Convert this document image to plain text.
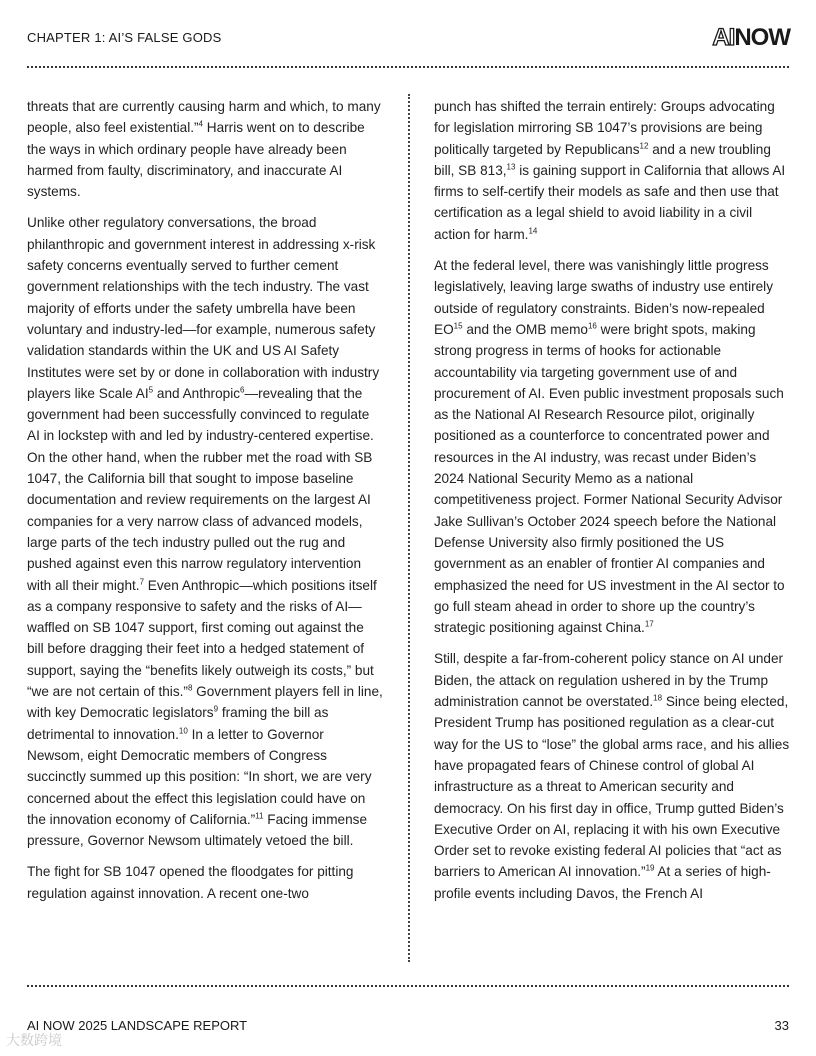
CHAPTER 1: AI’S FALSE GODS	AINOW

threats that are currently causing harm and which, to many people, also feel existential.”$^4$ Harris went on to describe the ways in which ordinary people have already been harmed from faulty, discriminatory, and inaccurate AI systems.

Unlike other regulatory conversations, the broad philanthropic and government interest in addressing x-risk safety concerns eventually served to further cement government relationships with the tech industry. The vast majority of efforts under the safety umbrella have been voluntary and industry-led—for example, numerous safety validation standards within the UK and US AI Safety Institutes were set by or done in collaboration with industry players like Scale $AI^5$ and Anthropic$^6$—revealing that the government had been successfully convinced to regulate AI in lockstep with and led by industry-centered expertise. On the other hand, when the rubber met the road with SB 1047, the California bill that sought to impose baseline documentation and review requirements on the largest AI companies for a very narrow class of advanced models, large parts of the tech industry pulled out the rug and pushed against even this narrow regulatory intervention with all their might.$^7$ Even Anthropic—which positions itself as a company responsive to safety and the risks of AI—waffled on SB 1047 support, first coming out against the bill before dragging their feet into a hedged statement of support, saying the “benefits likely outweigh its costs,” but “we are not certain of this.”$^8$ Government players fell in line, with key Democratic legislators$^9$ framing the bill as detrimental to innovation.$^{10}$ In a letter to Governor Newsom, eight Democratic members of Congress succinctly summed up this position: “In short, we are very concerned about the effect this legislation could have on the innovation economy of California.”$^{11}$ Facing immense pressure, Governor Newsom ultimately vetoed the bill.

The fight for SB 1047 opened the floodgates for pitting regulation against innovation. A recent one-two

punch has shifted the terrain entirely: Groups advocating for legislation mirroring SB 1047’s provisions are being politically targeted by Republicans$^{12}$ and a new troubling bill, SB 813,13 is gaining support in California that allows AI firms to self-certify their models as safe and then use that certification as a legal shield to avoid liability in a civil action for harm.$^{14}$

At the federal level, there was vanishingly little progress legislatively, leaving large swaths of industry use entirely outside of regulatory constraints. Biden’s now-repealed EO$^{15}$ and the OMB memo$^{16}$ were bright spots, making strong progress in terms of hooks for actionable accountability via targeting government use of and procurement of AI. Even public investment proposals such as the National AI Research Resource pilot, originally positioned as a counterforce to concentrated power and resources in the AI industry, was recast under Biden’s 2024 National Security Memo as a national competitiveness project. Former National Security Advisor Jake Sullivan’s October 2024 speech before the National Defense University also firmly positioned the US government as an enabler of frontier AI companies and emphasized the need for US investment in the AI sector to go full steam ahead in order to shore up the country’s strategic positioning against China.$^{17}$

Still, despite a far-from-coherent policy stance on AI under Biden, the attack on regulation ushered in by the Trump administration cannot be overstated.$^{18}$ Since being elected, President Trump has positioned regulation as a clear-cut way for the US to “lose” the global arms race, and his allies have propagated fears of Chinese control of global AI infrastructure as a threat to American security and democracy. On his first day in office, Trump gutted Biden’s Executive Order on AI, replacing it with his own Executive Order set to revoke existing federal AI policies that “act as barriers to American AI innovation.”$^{19}$ At a series of high-profile events including Davos, the French AI

AI NOW 2025 LANDSCAPE REPORT	33
大数跨境
